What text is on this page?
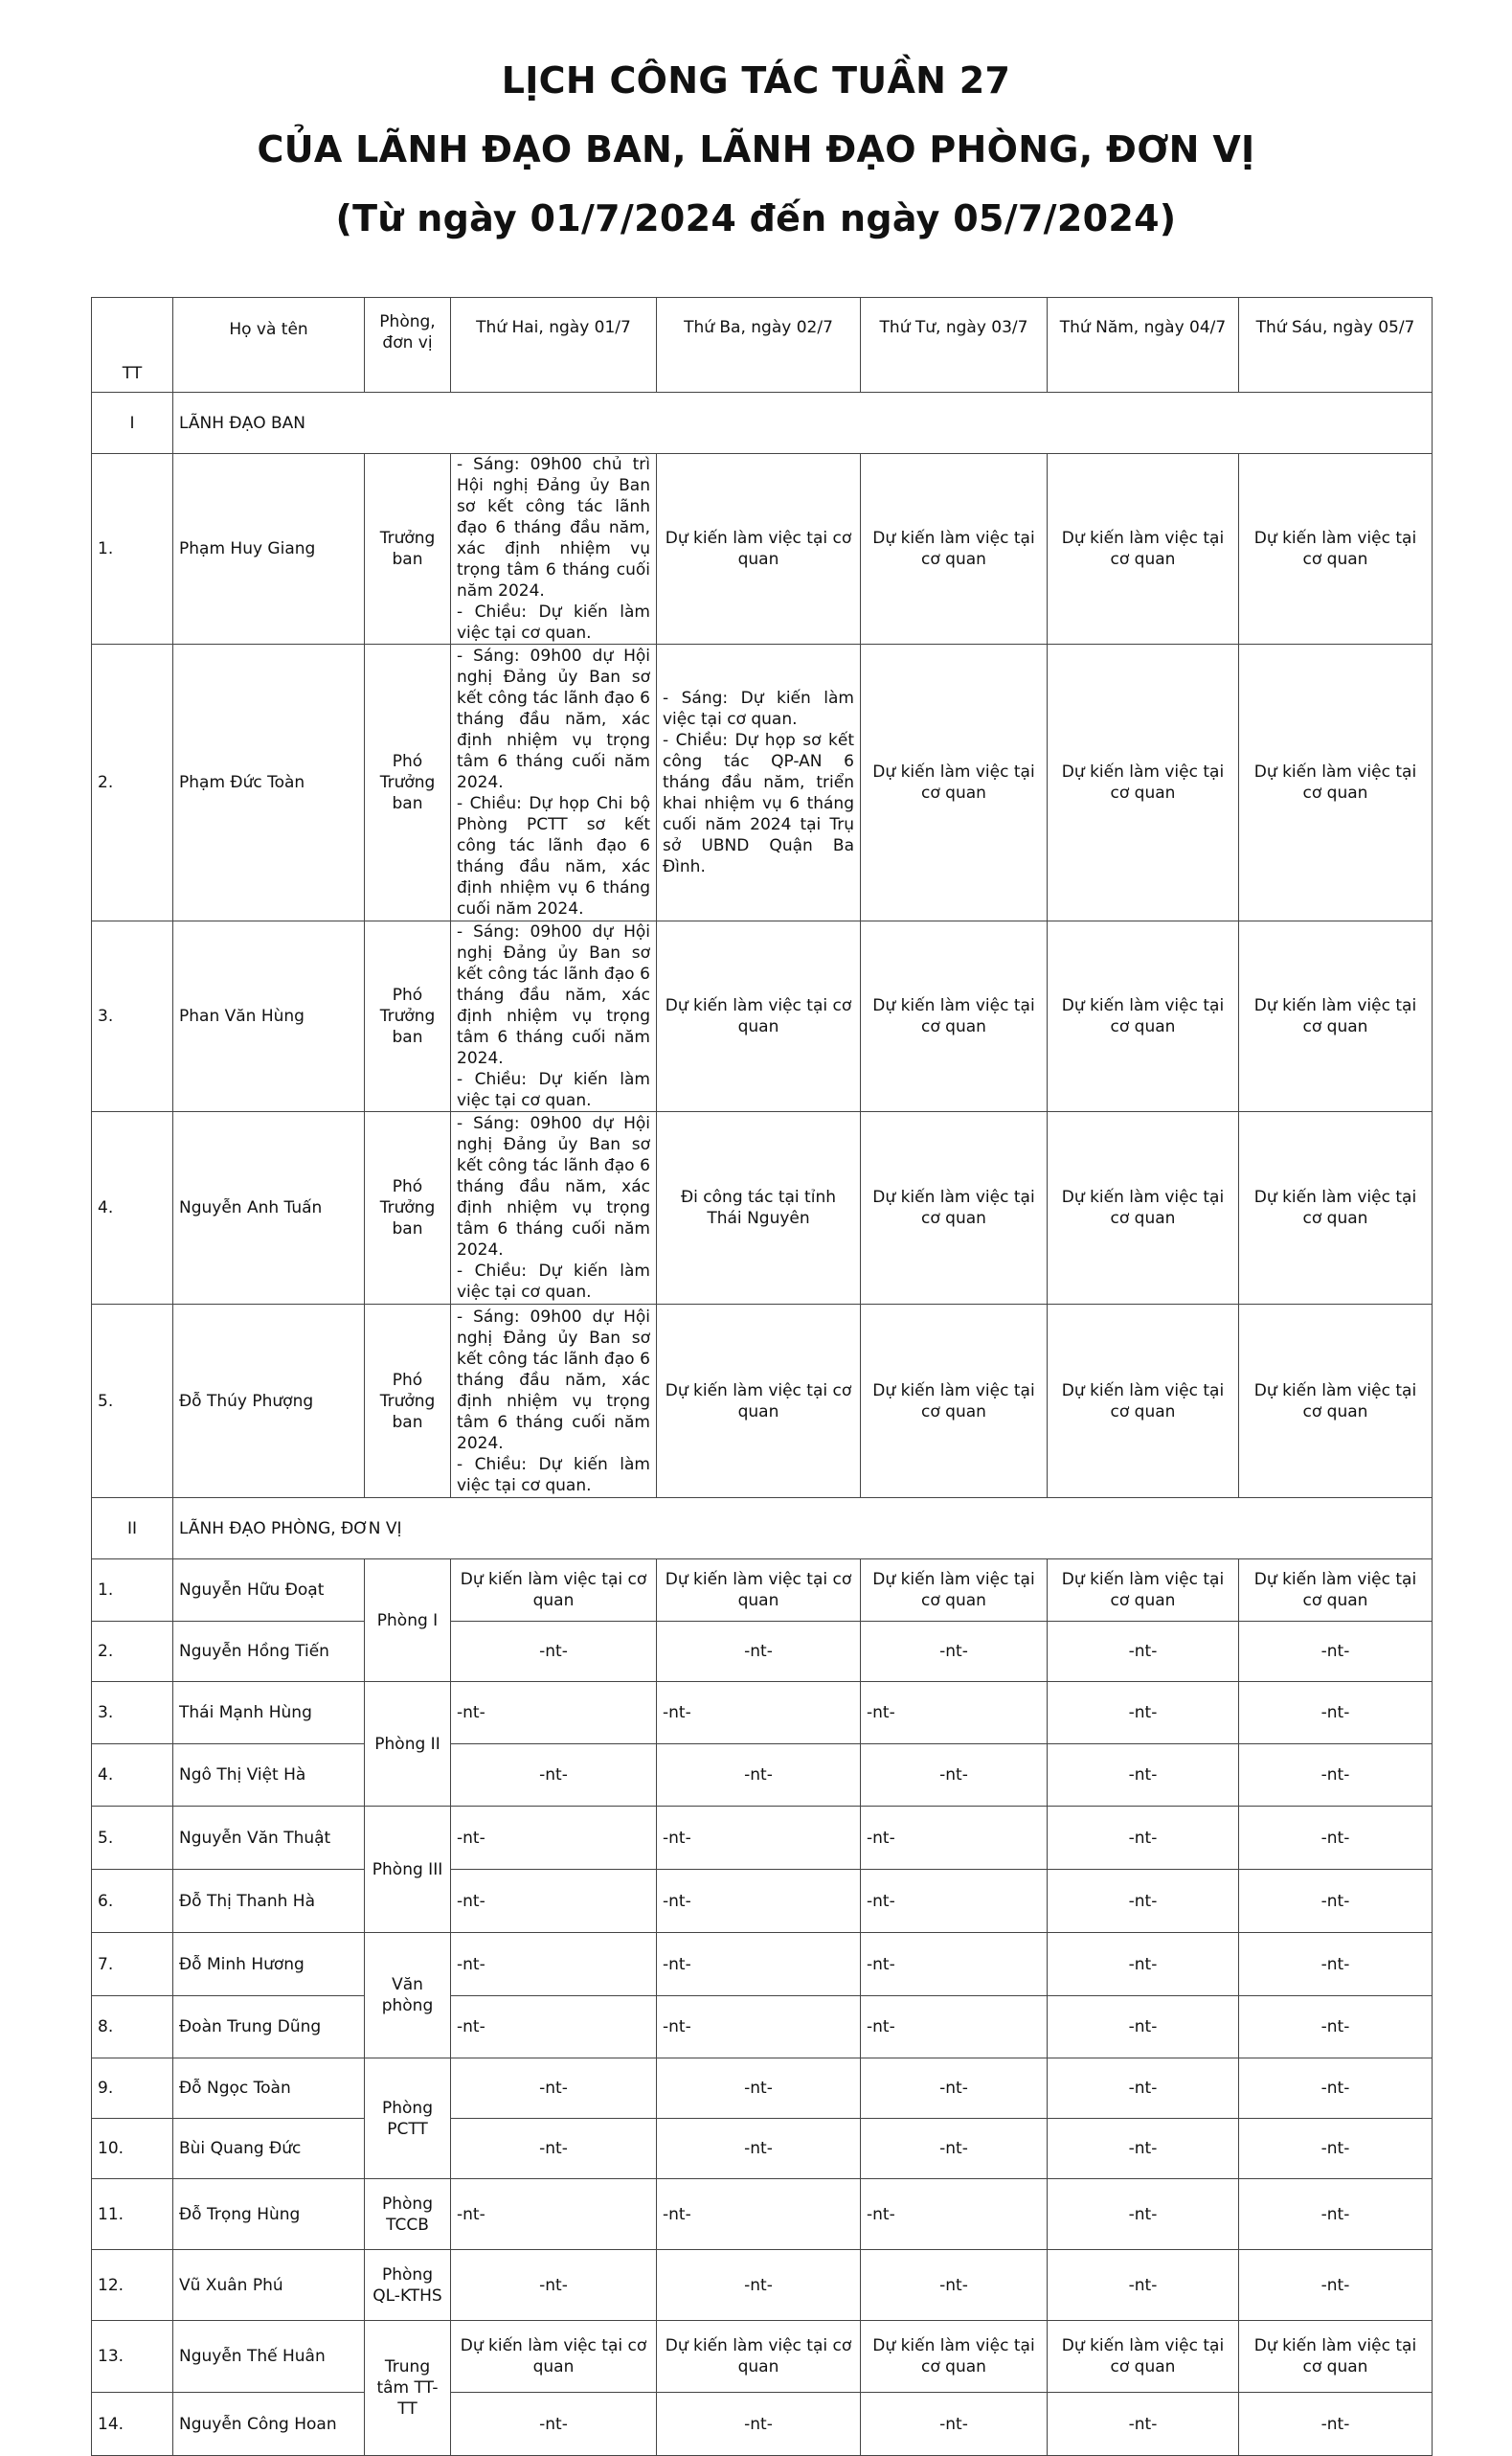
LỊCH CÔNG TÁC TUẦN 27
CỦA LÃNH ĐẠO BAN, LÃNH ĐẠO PHÒNG, ĐƠN VỊ
(Từ ngày 01/7/2024 đến ngày 05/7/2024)
TT	Họ và tên	Phòng, đơn vị	Thứ Hai, ngày 01/7	Thứ Ba, ngày 02/7	Thứ Tư, ngày 03/7	Thứ Năm, ngày 04/7	Thứ Sáu, ngày 05/7
I	LÃNH ĐẠO BAN						
1.	Phạm Huy Giang	Trưởng ban	- Sáng: 09h00 chủ trì Hội nghị Đảng ủy Ban sơ kết công tác lãnh đạo 6 tháng đầu năm, xác định nhiệm vụ trọng tâm 6 tháng cuối năm 2024.
- Chiều: Dự kiến làm việc tại cơ quan.	Dự kiến làm việc tại cơ quan	Dự kiến làm việc tại cơ quan	Dự kiến làm việc tại cơ quan	Dự kiến làm việc tại cơ quan
2.	Phạm Đức Toàn	Phó Trưởng ban	- Sáng: 09h00 dự Hội nghị Đảng ủy Ban sơ kết công tác lãnh đạo 6 tháng đầu năm, xác định nhiệm vụ trọng tâm 6 tháng cuối năm 2024.
- Chiều: Dự họp Chi bộ Phòng PCTT sơ kết công tác lãnh đạo 6 tháng đầu năm, xác định nhiệm vụ 6 tháng cuối năm 2024.	- Sáng: Dự kiến làm việc tại cơ quan.
- Chiều: Dự họp sơ kết công tác QP-AN 6 tháng đầu năm, triển khai nhiệm vụ 6 tháng cuối năm 2024 tại Trụ sở UBND Quận Ba Đình.	Dự kiến làm việc tại cơ quan	Dự kiến làm việc tại cơ quan	Dự kiến làm việc tại cơ quan
3.	Phan Văn Hùng	Phó Trưởng ban	- Sáng: 09h00 dự Hội nghị Đảng ủy Ban sơ kết công tác lãnh đạo 6 tháng đầu năm, xác định nhiệm vụ trọng tâm 6 tháng cuối năm 2024.
- Chiều: Dự kiến làm việc tại cơ quan.	Dự kiến làm việc tại cơ quan	Dự kiến làm việc tại cơ quan	Dự kiến làm việc tại cơ quan	Dự kiến làm việc tại cơ quan
4.	Nguyễn Anh Tuấn	Phó Trưởng ban	- Sáng: 09h00 dự Hội nghị Đảng ủy Ban sơ kết công tác lãnh đạo 6 tháng đầu năm, xác định nhiệm vụ trọng tâm 6 tháng cuối năm 2024.
- Chiều: Dự kiến làm việc tại cơ quan.	Đi công tác tại tỉnh Thái Nguyên	Dự kiến làm việc tại cơ quan	Dự kiến làm việc tại cơ quan	Dự kiến làm việc tại cơ quan
5.	Đỗ Thúy Phượng	Phó Trưởng ban	- Sáng: 09h00 dự Hội nghị Đảng ủy Ban sơ kết công tác lãnh đạo 6 tháng đầu năm, xác định nhiệm vụ trọng tâm 6 tháng cuối năm 2024.
- Chiều: Dự kiến làm việc tại cơ quan.	Dự kiến làm việc tại cơ quan	Dự kiến làm việc tại cơ quan	Dự kiến làm việc tại cơ quan	Dự kiến làm việc tại cơ quan
II	LÃNH ĐẠO PHÒNG, ĐƠN VỊ						
1.	Nguyễn Hữu Đoạt	Phòng I	Dự kiến làm việc tại cơ quan	Dự kiến làm việc tại cơ quan	Dự kiến làm việc tại cơ quan	Dự kiến làm việc tại cơ quan	Dự kiến làm việc tại cơ quan
2.	Nguyễn Hồng Tiến		-nt-	-nt-	-nt-	-nt-	-nt-
3.	Thái Mạnh Hùng	Phòng II	-nt-	-nt-	-nt-	-nt-	-nt-
4.	Ngô Thị Việt Hà		-nt-	-nt-	-nt-	-nt-	-nt-
5.	Nguyễn Văn Thuật	Phòng III	-nt-	-nt-	-nt-	-nt-	-nt-
6.	Đỗ Thị Thanh Hà		-nt-	-nt-	-nt-	-nt-	-nt-
7.	Đỗ Minh Hương	Văn phòng	-nt-	-nt-	-nt-	-nt-	-nt-
8.	Đoàn Trung Dũng		-nt-	-nt-	-nt-	-nt-	-nt-
9.	Đỗ Ngọc Toàn	Phòng PCTT	-nt-	-nt-	-nt-	-nt-	-nt-
10.	Bùi Quang Đức		-nt-	-nt-	-nt-	-nt-	-nt-
11.	Đỗ Trọng Hùng	Phòng TCCB	-nt-	-nt-	-nt-	-nt-	-nt-
12.	Vũ Xuân Phú	Phòng QL-KTHS	-nt-	-nt-	-nt-	-nt-	-nt-
13.	Nguyễn Thế Huân	Trung tâm TT-TT	Dự kiến làm việc tại cơ quan	Dự kiến làm việc tại cơ quan	Dự kiến làm việc tại cơ quan	Dự kiến làm việc tại cơ quan	Dự kiến làm việc tại cơ quan
14.	Nguyễn Công Hoan		-nt-	-nt-	-nt-	-nt-	-nt-
